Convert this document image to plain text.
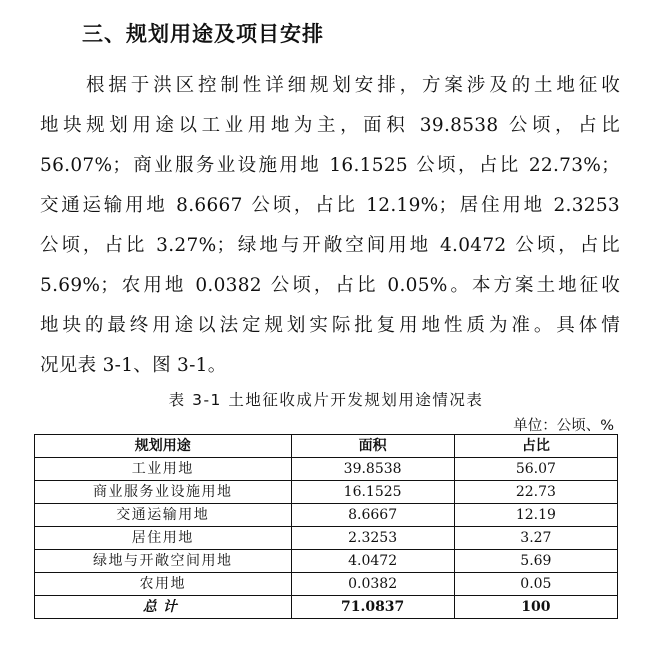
三、规划用途及项目安排
根据于洪区控制性详细规划安排，方案涉及的土地征收
地块规划用途以工业用地为主，面积 39.8538 公顷，占比
56.07%；商业服务业设施用地 16.1525 公顷，占比 22.73%；
交通运输用地 8.6667 公顷，占比 12.19%；居住用地 2.3253
公顷，占比 3.27%；绿地与开敞空间用地 4.0472 公顷，占比
5.69%；农用地 0.0382 公顷，占比 0.05%。本方案土地征收
地块的最终用途以法定规划实际批复用地性质为准。具体情
况见表 3-1、图 3-1。
表 3-1 土地征收成片开发规划用途情况表
单位：公顷、%
规划用途	面积	占比
工业用地	39.8538	56.07
商业服务业设施用地	16.1525	22.73
交通运输用地	8.6667	12.19
居住用地	2.3253	3.27
绿地与开敞空间用地	4.0472	5.69
农用地	0.0382	0.05
总计	71.0837	100
